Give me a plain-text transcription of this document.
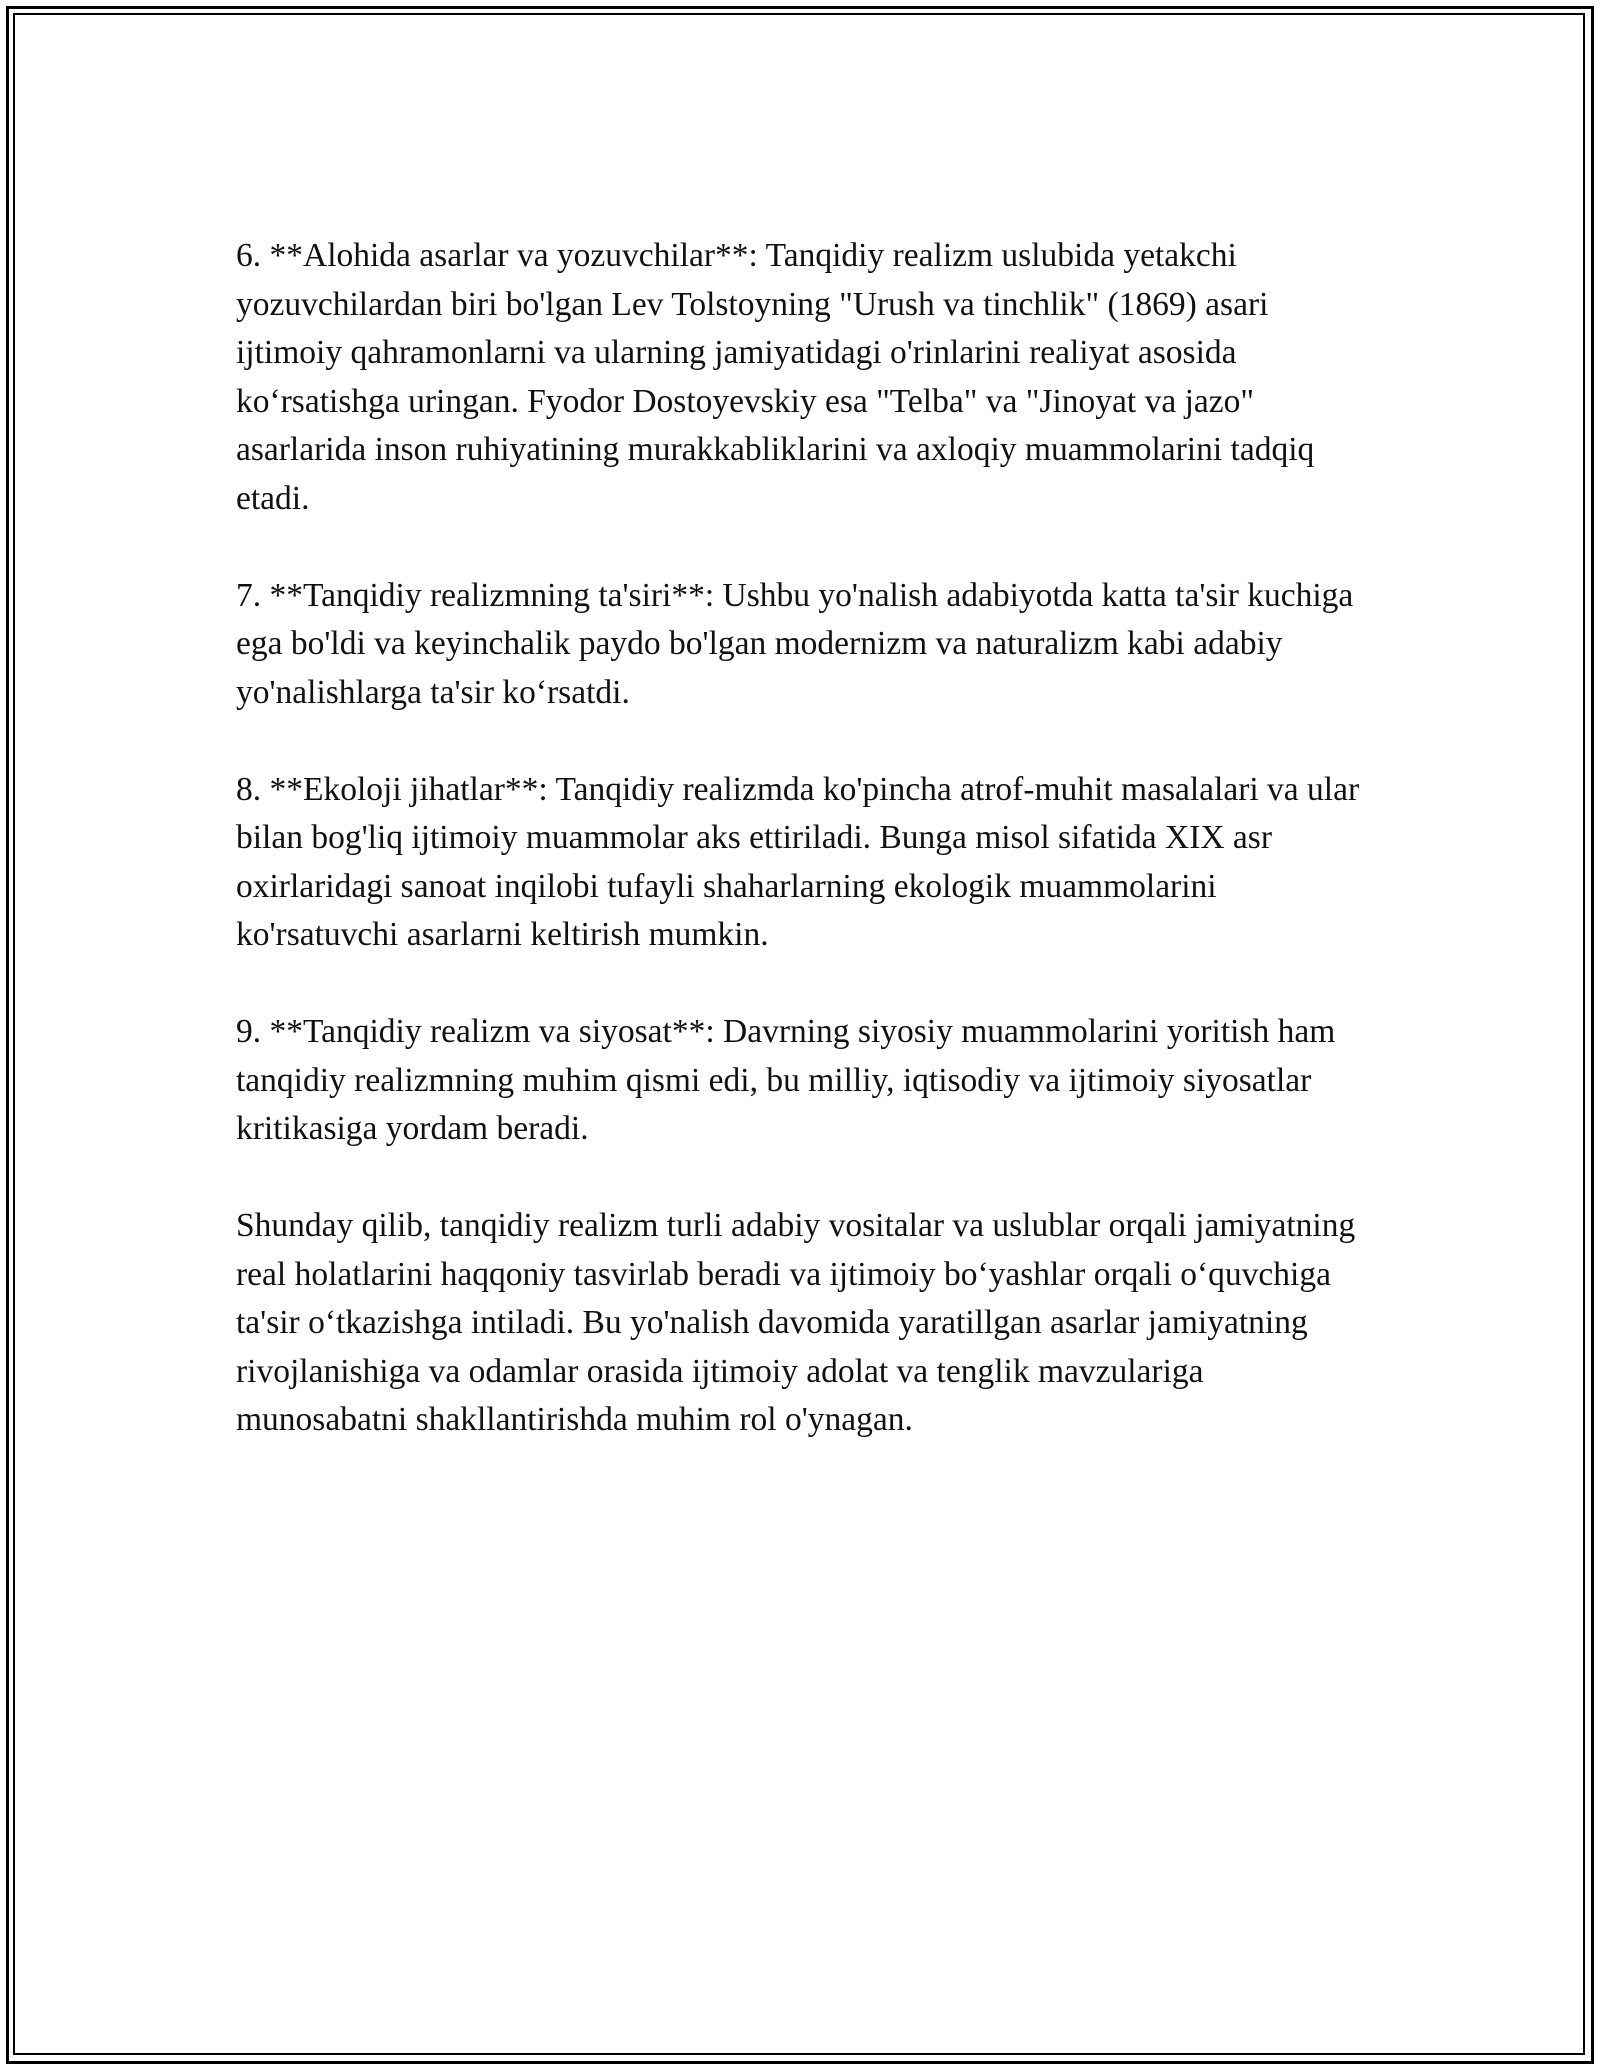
6. **Alohida asarlar va yozuvchilar**: Tanqidiy realizm uslubida yetakchi yozuvchilardan biri bo'lgan Lev Tolstoyning "Urush va tinchlik" (1869) asari ijtimoiy qahramonlarni va ularning jamiyatidagi o'rinlarini realiyat asosida ko‘rsatishga uringan. Fyodor Dostoyevskiy esa "Telba" va "Jinoyat va jazo" asarlarida inson ruhiyatining murakkabliklarini va axloqiy muammolarini tadqiq etadi.

7. **Tanqidiy realizmning ta'siri**: Ushbu yo'nalish adabiyotda katta ta'sir kuchiga ega bo'ldi va keyinchalik paydo bo'lgan modernizm va naturalizm kabi adabiy yo'nalishlarga ta'sir ko‘rsatdi.

8. **Ekoloji jihatlar**: Tanqidiy realizmda ko'pincha atrof-muhit masalalari va ular bilan bog'liq ijtimoiy muammolar aks ettiriladi. Bunga misol sifatida XIX asr oxirlaridagi sanoat inqilobi tufayli shaharlarning ekologik muammolarini ko'rsatuvchi asarlarni keltirish mumkin.

9. **Tanqidiy realizm va siyosat**: Davrning siyosiy muammolarini yoritish ham tanqidiy realizmning muhim qismi edi, bu milliy, iqtisodiy va ijtimoiy siyosatlar kritikasiga yordam beradi.

Shunday qilib, tanqidiy realizm turli adabiy vositalar va uslublar orqali jamiyatning real holatlarini haqqoniy tasvirlab beradi va ijtimoiy bo‘yashlar orqali o‘quvchiga ta'sir o‘tkazishga intiladi. Bu yo'nalish davomida yaratillgan asarlar jamiyatning rivojlanishiga va odamlar orasida ijtimoiy adolat va tenglik mavzulariga munosabatni shakllantirishda muhim rol o'ynagan.
